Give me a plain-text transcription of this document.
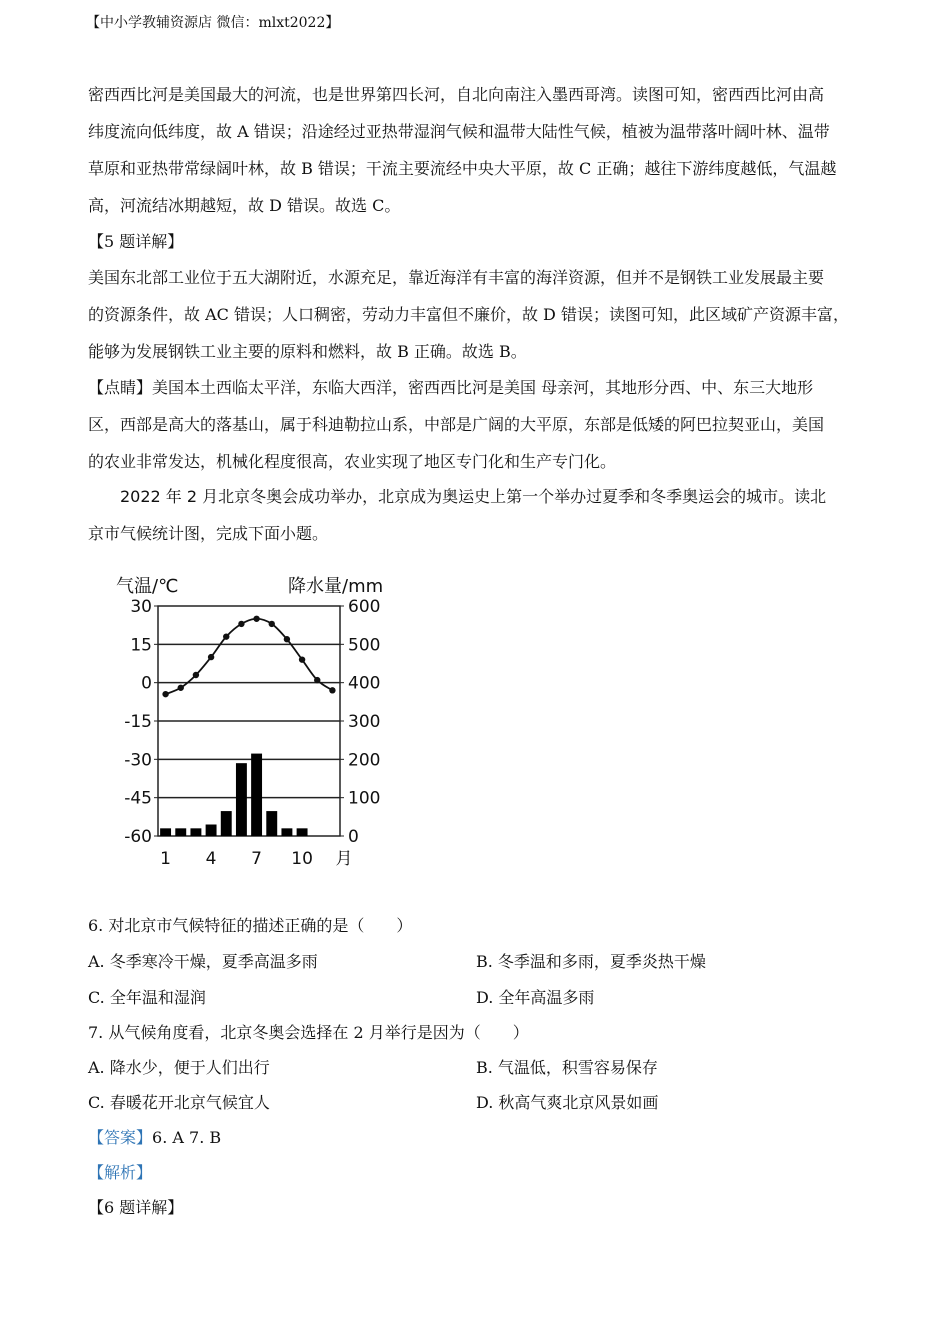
【中小学教辅资源店 微信：mlxt2022】
密西西比河是美国最大的河流，也是世界第四长河，自北向南注入墨西哥湾。读图可知，密西西比河由高
纬度流向低纬度，故 A 错误；沿途经过亚热带湿润气候和温带大陆性气候，植被为温带落叶阔叶林、温带
草原和亚热带常绿阔叶林，故 B 错误；干流主要流经中央大平原，故 C 正确；越往下游纬度越低，气温越
高，河流结冰期越短，故 D 错误。故选 C。
【5 题详解】
美国东北部工业位于五大湖附近，水源充足，靠近海洋有丰富的海洋资源，但并不是钢铁工业发展最主要
的资源条件，故 AC 错误；人口稠密，劳动力丰富但不廉价，故 D 错误；读图可知，此区域矿产资源丰富，
能够为发展钢铁工业主要的原料和燃料，故 B 正确。故选 B。
【点睛】美国本土西临太平洋，东临大西洋，密西西比河是美国 母亲河，其地形分西、中、东三大地形
区，西部是高大的落基山，属于科迪勒拉山系，中部是广阔的大平原，东部是低矮的阿巴拉契亚山，美国
的农业非常发达，机械化程度很高，农业实现了地区专门化和生产专门化。
2022 年 2 月北京冬奥会成功举办，北京成为奥运史上第一个举办过夏季和冬季奥运会的城市。读北
京市气候统计图，完成下面小题。
30
15
0
-15
-30
-45
-60
600
500
400
300
200
100
0
1 4 7 10 月
气温/℃	降水量/mm
6. 对北京市气候特征的描述正确的是（　　）
A. 冬季寒冷干燥，夏季高温多雨	B. 冬季温和多雨，夏季炎热干燥
C. 全年温和湿润	D. 全年高温多雨
7. 从气候角度看，北京冬奥会选择在 2 月举行是因为（　　）
A. 降水少，便于人们出行	B. 气温低，积雪容易保存
C. 春暖花开北京气候宜人	D. 秋高气爽北京风景如画
【答案】6. A 7. B
【解析】
【6 题详解】
